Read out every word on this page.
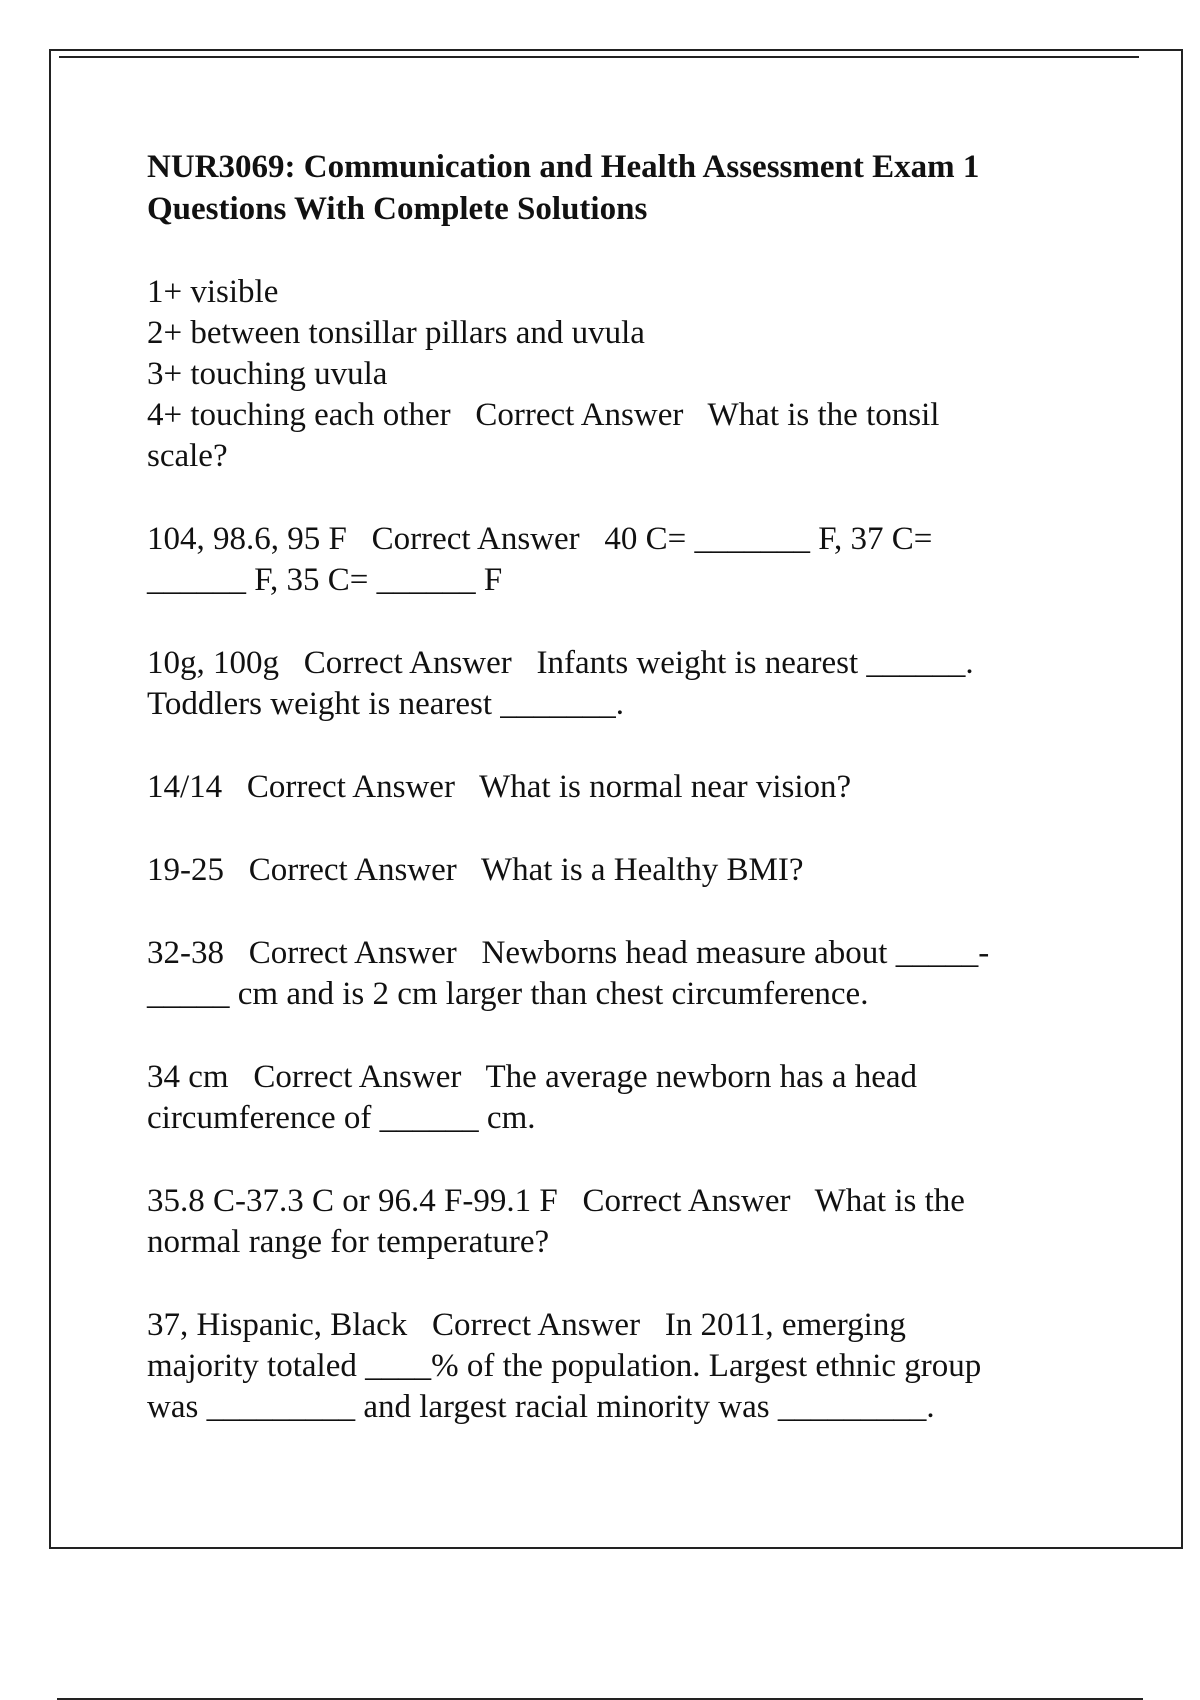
NUR3069: Communication and Health Assessment Exam 1
Questions With Complete Solutions
1+ visible
2+ between tonsillar pillars and uvula
3+ touching uvula
4+ touching each other Correct Answer What is the tonsil
scale?
104, 98.6, 95 F Correct Answer 40 C= _______ F, 37 C=
______ F, 35 C= ______ F
10g, 100g Correct Answer Infants weight is nearest ______.
Toddlers weight is nearest _______.
14/14 Correct Answer What is normal near vision?
19-25 Correct Answer What is a Healthy BMI?
32-38 Correct Answer Newborns head measure about _____-
_____ cm and is 2 cm larger than chest circumference.
34 cm Correct Answer The average newborn has a head
circumference of ______ cm.
35.8 C-37.3 C or 96.4 F-99.1 F Correct Answer What is the
normal range for temperature?
37, Hispanic, Black Correct Answer In 2011, emerging
majority totaled ____% of the population. Largest ethnic group
was _________ and largest racial minority was _________.
